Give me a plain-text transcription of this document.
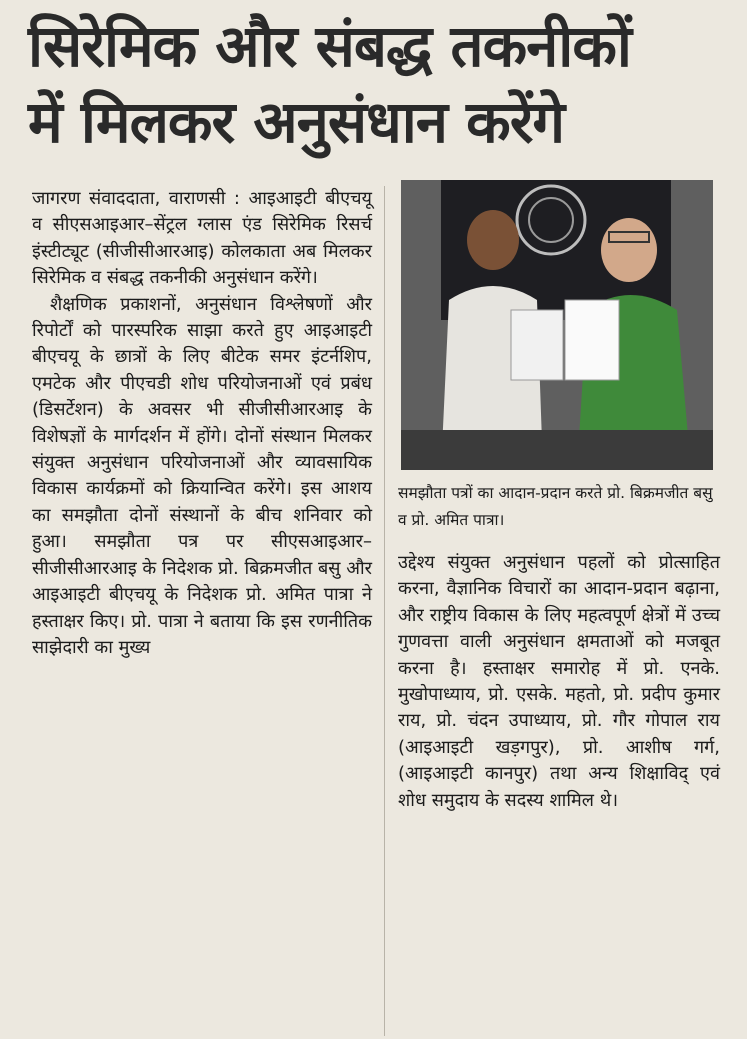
सिरेमिक और संबद्ध तकनीकों
में मिलकर अनुसंधान करेंगे

जागरण संवाददाता, वाराणसी : आइआइटी बीएचयू व सीएसआइआर–सेंट्रल ग्लास एंड सिरेमिक रिसर्च इंस्टीट्यूट (सीजीसीआरआइ) कोलकाता अब मिलकर सिरेमिक व संबद्ध तकनीकी अनुसंधान करेंगे।

शैक्षणिक प्रकाशनों, अनुसंधान विश्लेषणों और रिपोर्टों को पारस्परिक साझा करते हुए आइआइटी बीएचयू के छात्रों के लिए बीटेक समर इंटर्नशिप, एमटेक और पीएचडी शोध परियोजनाओं एवं प्रबंध (डिसर्टेशन) के अवसर भी सीजीसीआरआइ के विशेषज्ञों के मार्गदर्शन में होंगे। दोनों संस्थान मिलकर संयुक्त अनुसंधान परियोजनाओं और व्यावसायिक विकास कार्यक्रमों को क्रियान्वित करेंगे। इस आशय का समझौता दोनों संस्थानों के बीच शनिवार को हुआ। समझौता पत्र पर सीएसआइआर–सीजीसीआरआइ के निदेशक प्रो. बिक्रमजीत बसु और आइआइटी बीएचयू के निदेशक प्रो. अमित पात्रा ने हस्ताक्षर किए। प्रो. पात्रा ने बताया कि इस रणनीतिक साझेदारी का मुख्य

समझौता पत्रों का आदान-प्रदान करते प्रो. बिक्रमजीत बसु व प्रो. अमित पात्रा।

उद्देश्य संयुक्त अनुसंधान पहलों को प्रोत्साहित करना, वैज्ञानिक विचारों का आदान-प्रदान बढ़ाना, और राष्ट्रीय विकास के लिए महत्वपूर्ण क्षेत्रों में उच्च गुणवत्ता वाली अनुसंधान क्षमताओं को मजबूत करना है। हस्ताक्षर समारोह में प्रो. एनके. मुखोपाध्याय, प्रो. एसके. महतो, प्रो. प्रदीप कुमार राय, प्रो. चंदन उपाध्याय, प्रो. गौर गोपाल राय (आइआइटी खड़गपुर), प्रो. आशीष गर्ग, (आइआइटी कानपुर) तथा अन्य शिक्षाविद् एवं शोध समुदाय के सदस्य शामिल थे।
